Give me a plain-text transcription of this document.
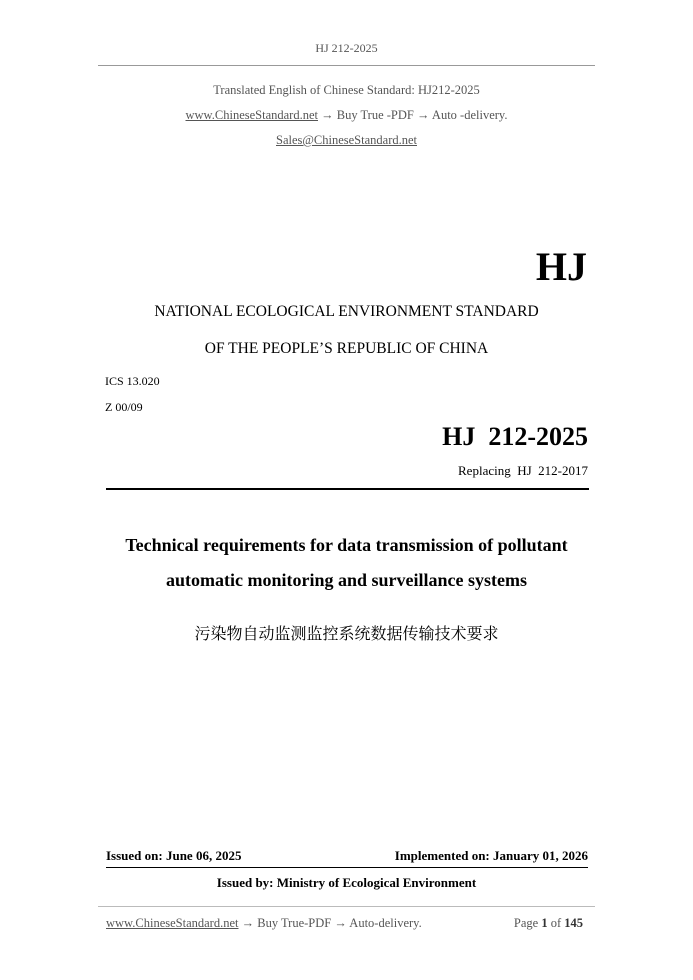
HJ 212-2025
Translated English of Chinese Standard: HJ212-2025
www.ChineseStandard.net → Buy True -PDF → Auto -delivery.
Sales@ChineseStandard.net
HJ
NATIONAL ECOLOGICAL ENVIRONMENT STANDARD
OF THE PEOPLE’S REPUBLIC OF CHINA
ICS 13.020
Z 00/09
HJ  212-2025
Replacing  HJ  212-2017
Technical requirements for data transmission of pollutant
automatic monitoring and surveillance systems
污染物自动监测监控系统数据传输技术要求
Issued on: June 06, 2025	Implemented on: January 01, 2026
Issued by: Ministry of Ecological Environment
www.ChineseStandard.net → Buy True-PDF → Auto-delivery.	Page 1 of 145
